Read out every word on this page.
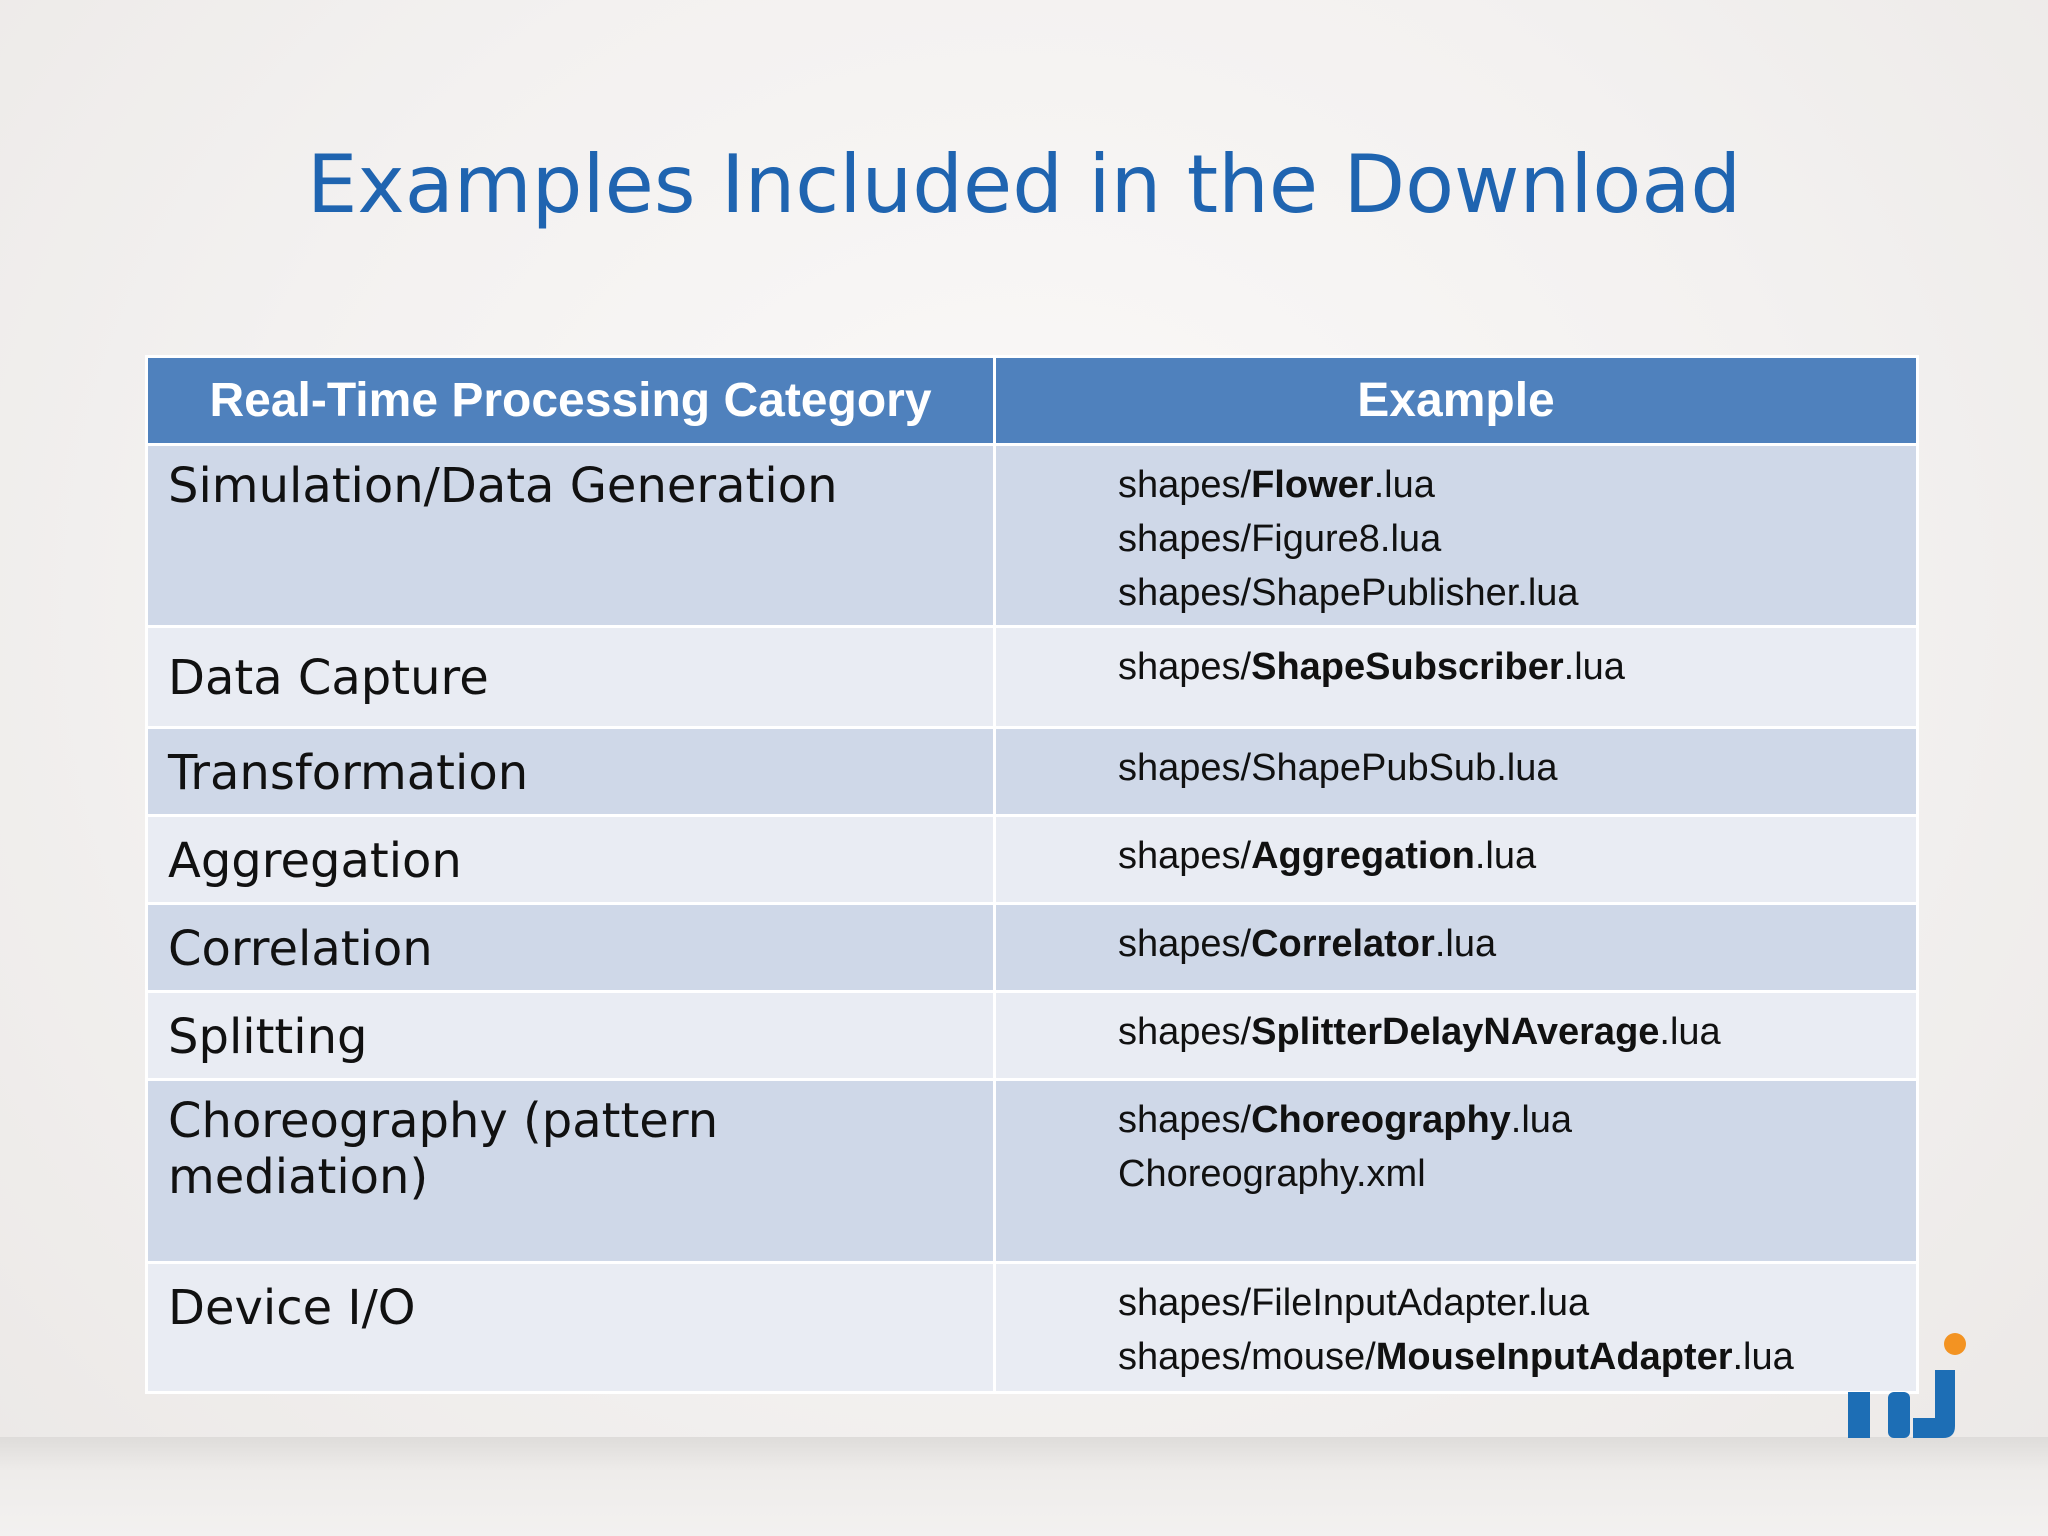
Examples Included in the Download
Real-Time Processing Category	Example
Simulation/Data Generation	shapes/Flower.lua
shapes/Figure8.lua
shapes/ShapePublisher.lua

Data Capture	shapes/ShapeSubscriber.lua

Transformation	shapes/ShapePubSub.lua

Aggregation	shapes/Aggregation.lua

Correlation	shapes/Correlator.lua

Splitting	shapes/SplitterDelayNAverage.lua

Choreography (pattern mediation)	shapes/Choreography.lua
Choreography.xml

Device I/O	shapes/FileInputAdapter.lua
shapes/mouse/MouseInputAdapter.lua
